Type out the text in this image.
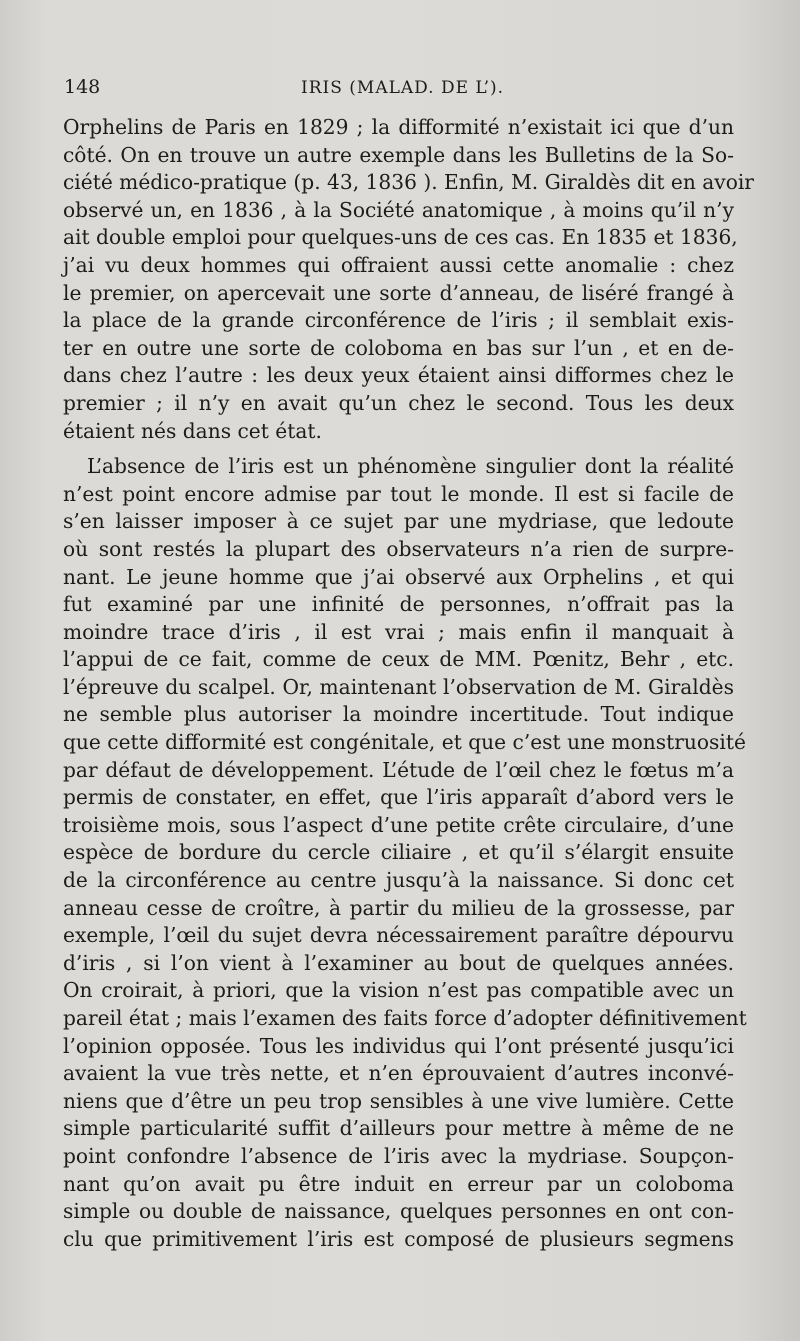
148	IRIS (MALAD. DE L’).
Orphelins de Paris en 1829 ; la difformité n’existait ici que d’un
côté. On en trouve un autre exemple dans les Bulletins de la So-
ciété médico-pratique (p. 43, 1836 ). Enfin, M. Giraldès dit en avoir
observé un, en 1836 , à la Société anatomique , à moins qu’il n’y
ait double emploi pour quelques-uns de ces cas. En 1835 et 1836,
j’ai vu deux hommes qui offraient aussi cette anomalie : chez
le premier, on apercevait une sorte d’anneau, de liséré frangé à
la place de la grande circonférence de l’iris ; il semblait exis-
ter en outre une sorte de coloboma en bas sur l’un , et en de-
dans chez l’autre : les deux yeux étaient ainsi difformes chez le
premier ; il n’y en avait qu’un chez le second. Tous les deux
étaient nés dans cet état.
L’absence de l’iris est un phénomène singulier dont la réalité
n’est point encore admise par tout le monde. Il est si facile de
s’en laisser imposer à ce sujet par une mydriase, que ledoute
où sont restés la plupart des observateurs n’a rien de surpre-
nant. Le jeune homme que j’ai observé aux Orphelins , et qui
fut examiné par une infinité de personnes, n’offrait pas la
moindre trace d’iris , il est vrai ; mais enfin il manquait à
l’appui de ce fait, comme de ceux de MM. Pœnitz, Behr , etc.
l’épreuve du scalpel. Or, maintenant l’observation de M. Giraldès
ne semble plus autoriser la moindre incertitude. Tout indique
que cette difformité est congénitale, et que c’est une monstruosité
par défaut de développement. L’étude de l’œil chez le fœtus m’a
permis de constater, en effet, que l’iris apparaît d’abord vers le
troisième mois, sous l’aspect d’une petite crête circulaire, d’une
espèce de bordure du cercle ciliaire , et qu’il s’élargit ensuite
de la circonférence au centre jusqu’à la naissance. Si donc cet
anneau cesse de croître, à partir du milieu de la grossesse, par
exemple, l’œil du sujet devra nécessairement paraître dépourvu
d’iris , si l’on vient à l’examiner au bout de quelques années.
On croirait, à priori, que la vision n’est pas compatible avec un
pareil état ; mais l’examen des faits force d’adopter définitivement
l’opinion opposée. Tous les individus qui l’ont présenté jusqu’ici
avaient la vue très nette, et n’en éprouvaient d’autres inconvé-
niens que d’être un peu trop sensibles à une vive lumière. Cette
simple particularité suffit d’ailleurs pour mettre à même de ne
point confondre l’absence de l’iris avec la mydriase. Soupçon-
nant qu’on avait pu être induit en erreur par un coloboma
simple ou double de naissance, quelques personnes en ont con-
clu que primitivement l’iris est composé de plusieurs segmens
